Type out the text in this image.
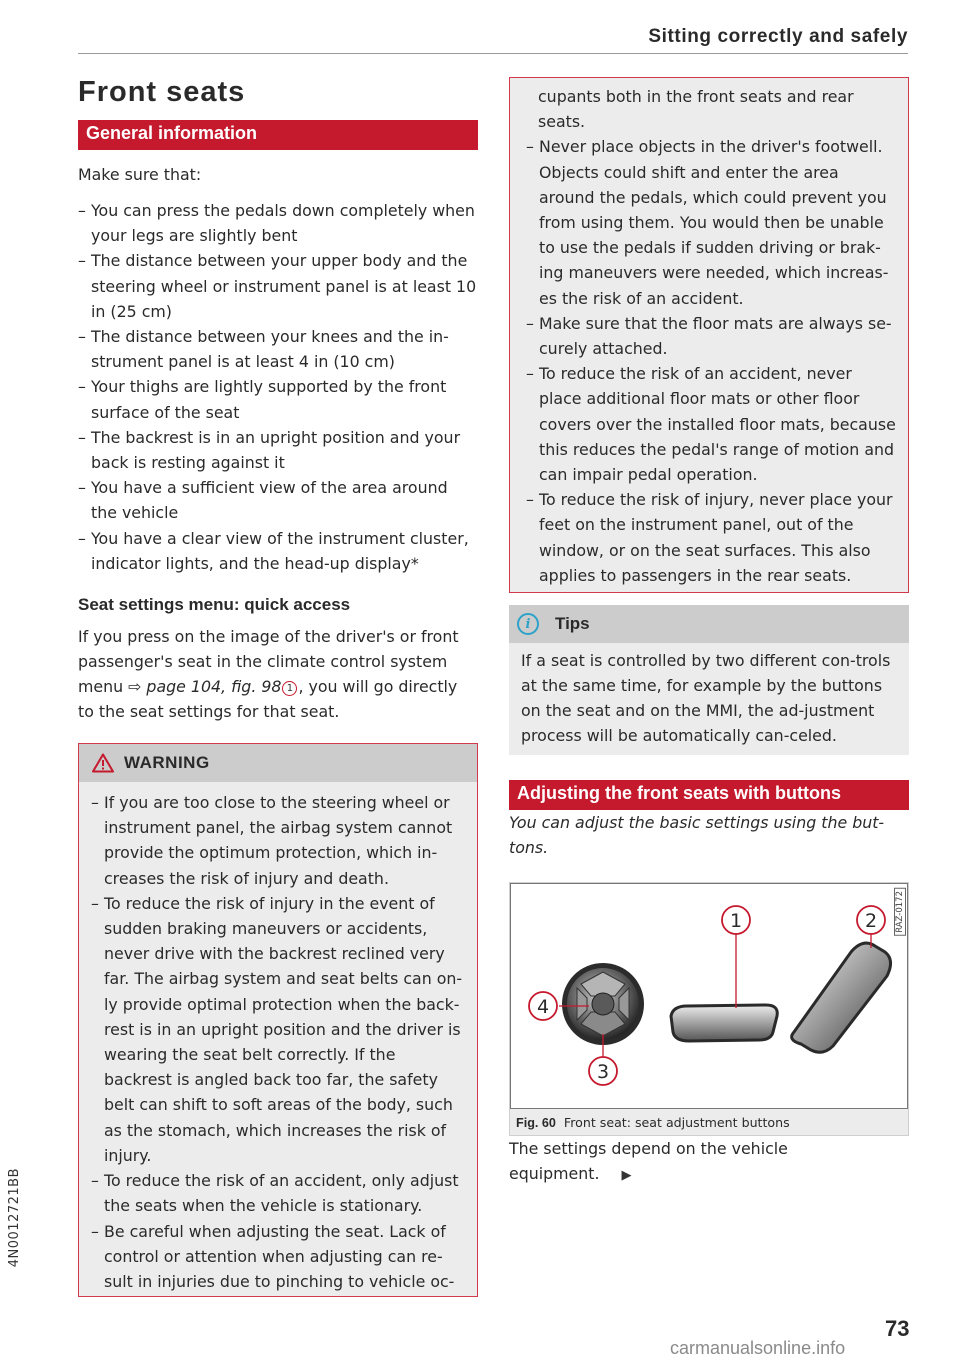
Sitting correctly and safely
Front seats
General information

Make sure that:

– You can press the pedals down completely when your legs are slightly bent
– The distance between your upper body and the steering wheel or instrument panel is at least 10 in (25 cm)
– The distance between your knees and the in-strument panel is at least 4 in (10 cm)
– Your thighs are lightly supported by the front surface of the seat
– The backrest is in an upright position and your back is resting against it
– You have a sufficient view of the area around the vehicle
– You have a clear view of the instrument cluster, indicator lights, and the head-up display*
Seat settings menu: quick access

If you press on the image of the driver's or front passenger's seat in the climate control system menu ⇨ page 104, fig. 98 1 , you will go directly to the seat settings for that seat.

WARNING
– If you are too close to the steering wheel or instrument panel, the airbag system cannot provide the optimum protection, which in-creases the risk of injury and death.
– To reduce the risk of injury in the event of sudden braking maneuvers or accidents, never drive with the backrest reclined very far. The airbag system and seat belts can on-ly provide optimal protection when the back-rest is in an upright position and the driver is wearing the seat belt correctly. If the backrest is angled back too far, the safety belt can shift to soft areas of the body, such as the stomach, which increases the risk of injury.
– To reduce the risk of an accident, only adjust the seats when the vehicle is stationary.
– Be careful when adjusting the seat. Lack of control or attention when adjusting can re-sult in injuries due to pinching to vehicle oc-

cupants both in the front seats and rear seats.

– Never place objects in the driver's footwell. Objects could shift and enter the area around the pedals, which could prevent you from using them. You would then be unable to use the pedals if sudden driving or brak-ing maneuvers were needed, which increas-es the risk of an accident.
– Make sure that the floor mats are always se-curely attached.
– To reduce the risk of an accident, never place additional floor mats or other floor covers over the installed floor mats, because this reduces the pedal's range of motion and can impair pedal operation.
– To reduce the risk of injury, never place your feet on the instrument panel, out of the window, or on the seat surfaces. This also applies to passengers in the rear seats.
i	Tips

If a seat is controlled by two different con-trols at the same time, for example by the buttons on the seat and on the MMI, the ad-justment process will be automatically can-celed.

Adjusting the front seats with buttons

You can adjust the basic settings using the but-tons.

1	2
3
4
RAZ-0172
Fig. 60 Front seat: seat adjustment buttons

The settings depend on the vehicle equipment. ▶

4N0012721BB
73
carmanualsonline.info
